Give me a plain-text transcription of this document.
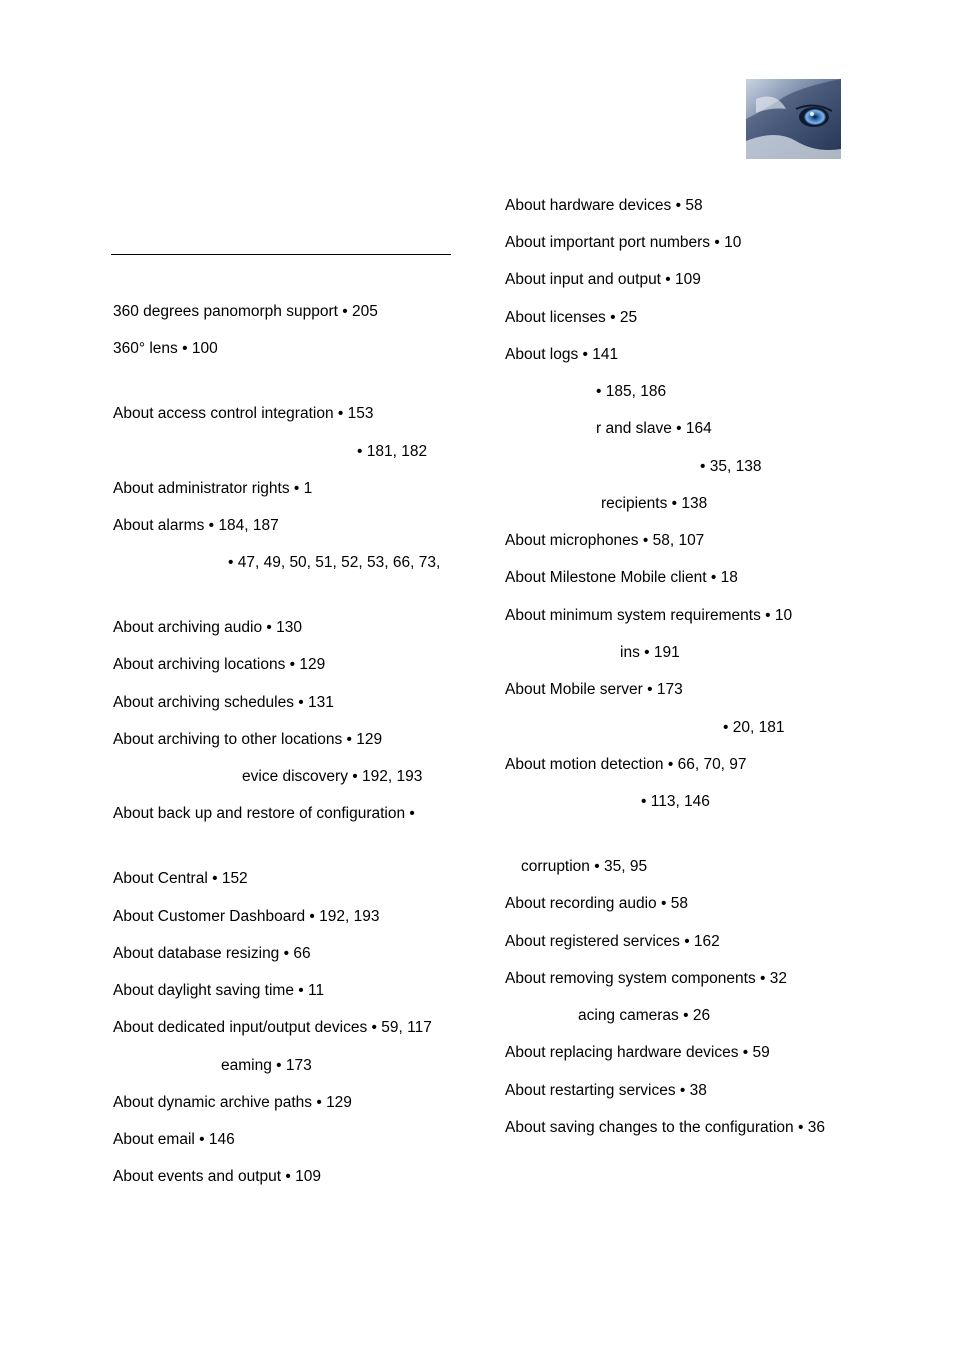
360 degrees panomorph support • 205
360° lens • 100
About access control integration • 153
• 181, 182
About administrator rights • 1
About alarms • 184, 187
• 47, 49, 50, 51, 52, 53, 66, 73,
About archiving audio • 130
About archiving locations • 129
About archiving schedules • 131
About archiving to other locations • 129
evice discovery • 192, 193
About back up and restore of configuration •
About Central • 152
About Customer Dashboard • 192, 193
About database resizing • 66
About daylight saving time • 11
About dedicated input/output devices • 59, 117
eaming • 173
About dynamic archive paths • 129
About email • 146
About events and output • 109
About hardware devices • 58
About important port numbers • 10
About input and output • 109
About licenses • 25
About logs • 141
• 185, 186
r and slave • 164
• 35, 138
recipients • 138
About microphones • 58, 107
About Milestone Mobile client • 18
About minimum system requirements • 10
ins • 191
About Mobile server • 173
• 20, 181
About motion detection • 66, 70, 97
• 113, 146
corruption • 35, 95
About recording audio • 58
About registered services • 162
About removing system components • 32
acing cameras • 26
About replacing hardware devices • 59
About restarting services • 38
About saving changes to the configuration • 36
